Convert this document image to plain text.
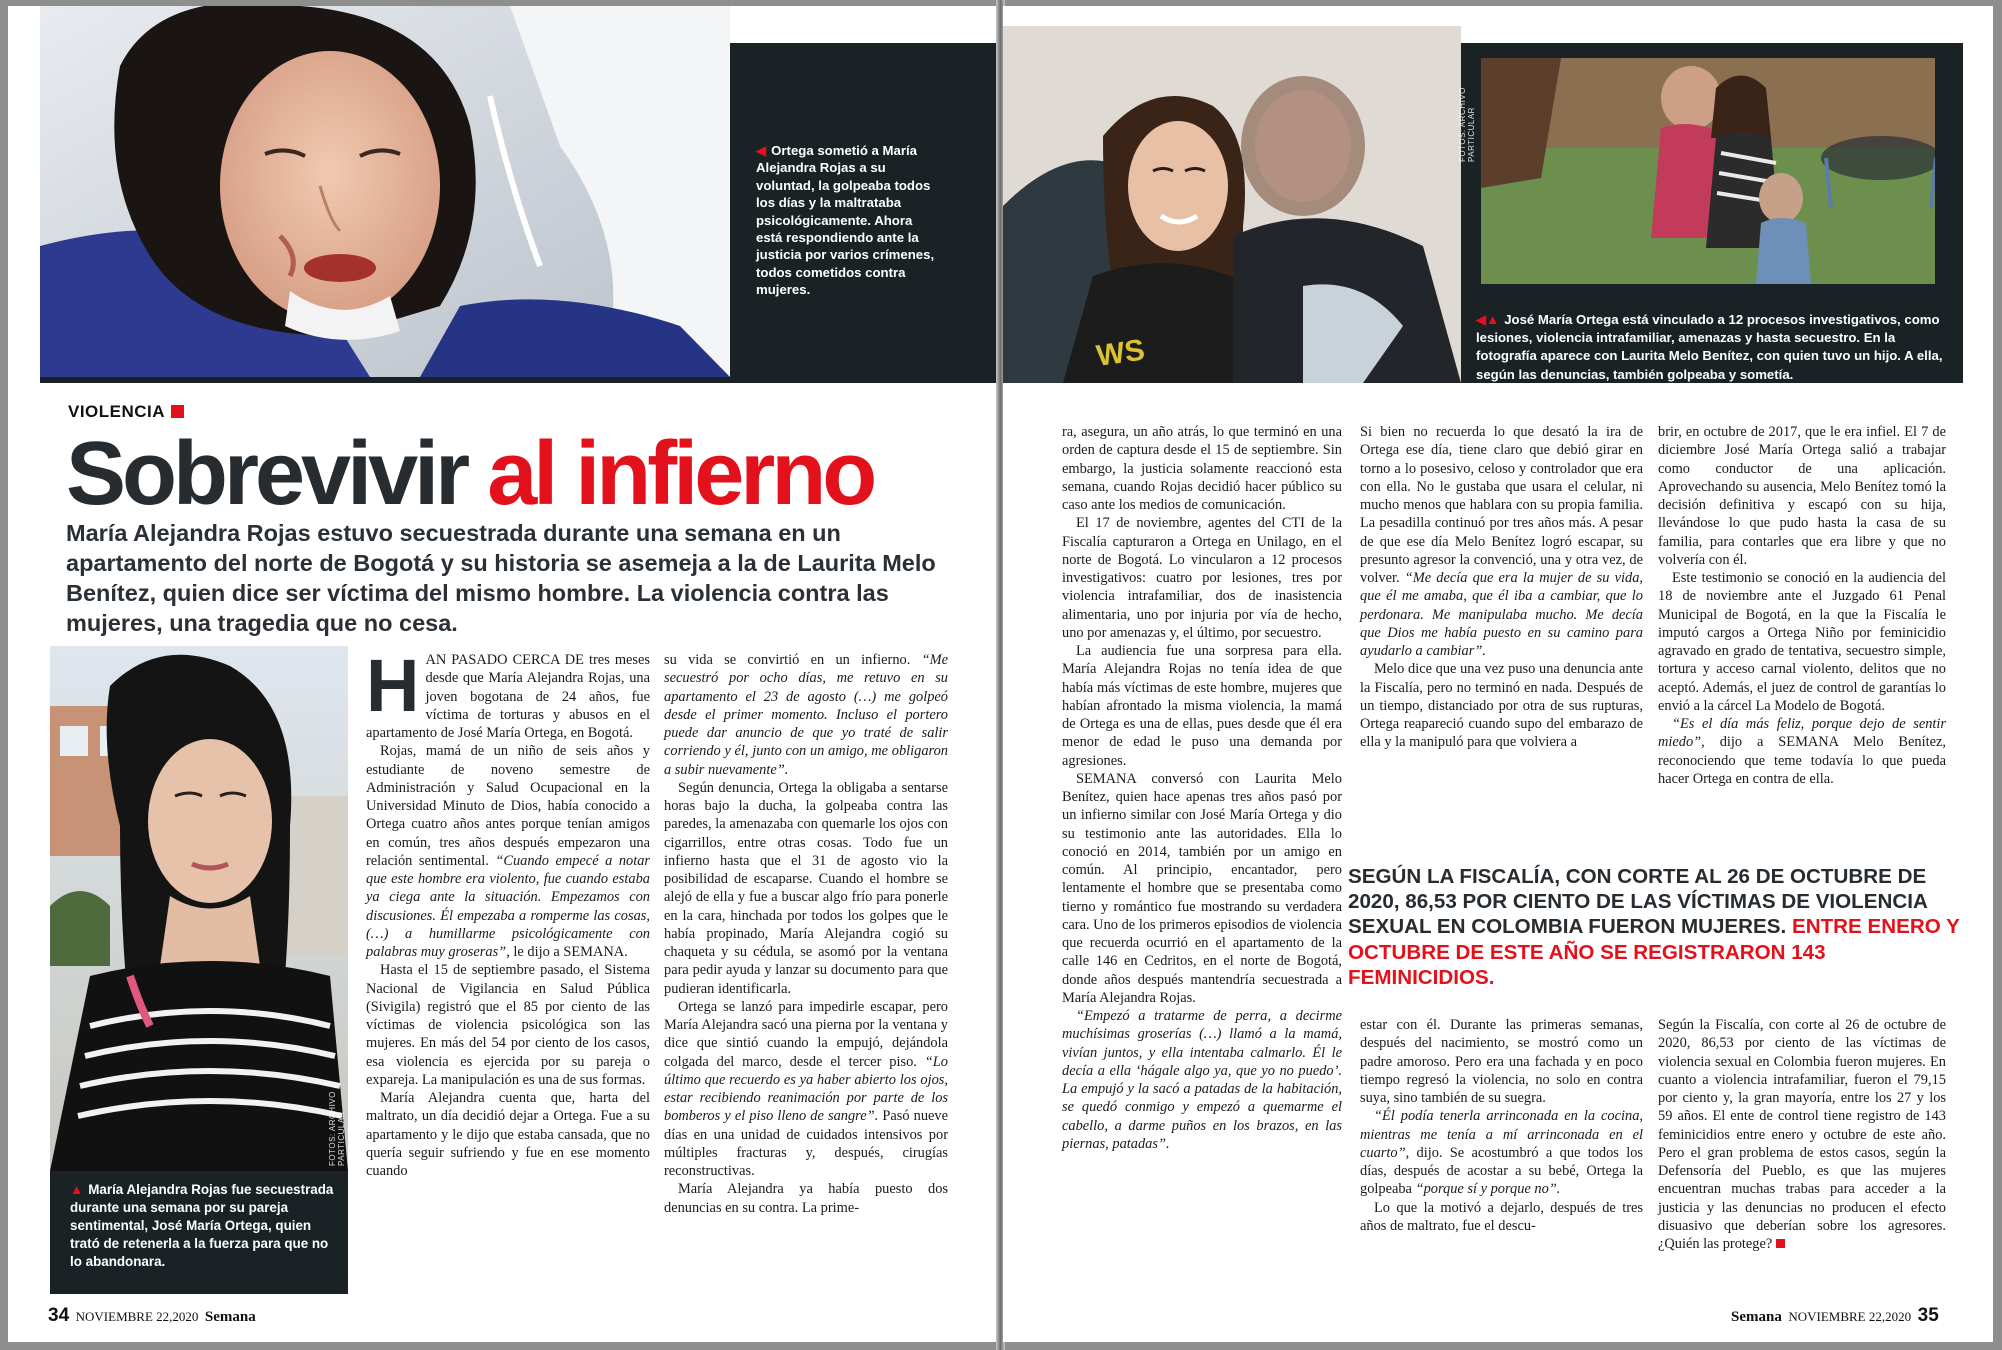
◀ Ortega sometió a María Alejandra Rojas a su voluntad, la golpeaba todos los días y la maltrataba psicológicamente. Ahora está respondiendo ante la justicia por varios crímenes, todos cometidos contra mujeres.
VIOLENCIA
Sobrevivir al infierno
María Alejandra Rojas estuvo secuestrada durante una semana en un apartamento del norte de Bogotá y su historia se asemeja a la de Laurita Melo Benítez, quien dice ser víctima del mismo hombre. La violencia contra las mujeres, una tragedia que no cesa.
FOTOS: ARCHIVO PARTICULAR
▲ María Alejandra Rojas fue secuestrada durante una semana por su pareja sentimental, José María Ortega, quien trató de retenerla a la fuerza para que no lo abandonara.

HAN PASADO CERCA DE tres meses desde que María Alejandra Rojas, una joven bogotana de 24 años, fue víctima de torturas y abusos en el apartamento de José María Ortega, en Bogotá.

Rojas, mamá de un niño de seis años y estudiante de noveno semestre de Administración y Salud Ocupacional en la Universidad Minuto de Dios, había conocido a Ortega cuatro años antes porque tenían amigos en común, tres años después empezaron una relación sentimental. “Cuando empecé a notar que este hombre era violento, fue cuando estaba ya ciega ante la situación. Empezamos con discusiones. Él empezaba a romperme las cosas, (…) a humillarme psicológicamente con palabras muy groseras”, le dijo a SEMANA.

Hasta el 15 de septiembre pasado, el Sistema Nacional de Vigilancia en Salud Pública (Sivigila) registró que el 85 por ciento de las víctimas de violencia psicológica son las mujeres. En más del 54 por ciento de los casos, esa violencia es ejercida por su pareja o expareja. La manipulación es una de sus formas.

María Alejandra cuenta que, harta del maltrato, un día decidió dejar a Ortega. Fue a su apartamento y le dijo que estaba cansada, que no quería seguir sufriendo y fue en ese momento cuando

su vida se convirtió en un infierno. “Me secuestró por ocho días, me retuvo en su apartamento el 23 de agosto (…) me golpeó desde el primer momento. Incluso el portero puede dar anuncio de que yo traté de salir corriendo y él, junto con un amigo, me obligaron a subir nuevamente”.

Según denuncia, Ortega la obligaba a sentarse horas bajo la ducha, la golpeaba contra las paredes, la amenazaba con quemarle los ojos con cigarrillos, entre otras cosas. Todo fue un infierno hasta que el 31 de agosto vio la posibilidad de escaparse. Cuando el hombre se alejó de ella y fue a buscar algo frío para ponerle en la cara, hinchada por todos los golpes que le había propinado, María Alejandra cogió su chaqueta y su cédula, se asomó por la ventana para pedir ayuda y lanzar su documento para que pudieran identificarla.

Ortega se lanzó para impedirle escapar, pero María Alejandra sacó una pierna por la ventana y dice que sintió cuando la empujó, dejándola colgada del marco, desde el tercer piso. “Lo último que recuerdo es ya haber abierto los ojos, estar recibiendo reanimación por parte de los bomberos y el piso lleno de sangre”. Pasó nueve días en una unidad de cuidados intensivos por múltiples fracturas y, después, cirugías reconstructivas.

María Alejandra ya había puesto dos denuncias en su contra. La prime-

34 NOVIEMBRE 22,2020 Semana
WS
FOTOS: ARCHIVO PARTICULAR
◀▲ José María Ortega está vinculado a 12 procesos investigativos, como lesiones, violencia intrafamiliar, amenazas y hasta secuestro. En la fotografía aparece con Laurita Melo Benítez, con quien tuvo un hijo. A ella, según las denuncias, también golpeaba y sometía.

ra, asegura, un año atrás, lo que terminó en una orden de captura desde el 15 de septiembre. Sin embargo, la justicia solamente reaccionó esta semana, cuando Rojas decidió hacer público su caso ante los medios de comunicación.

El 17 de noviembre, agentes del CTI de la Fiscalía capturaron a Ortega en Unilago, en el norte de Bogotá. Lo vincularon a 12 procesos investigativos: cuatro por lesiones, tres por violencia intrafamiliar, dos de inasistencia alimentaria, uno por injuria por vía de hecho, uno por amenazas y, el último, por secuestro.

La audiencia fue una sorpresa para ella. María Alejandra Rojas no tenía idea de que había más víctimas de este hombre, mujeres que habían afrontado la misma violencia, la mamá de Ortega es una de ellas, pues desde que él era menor de edad le puso una demanda por agresiones.

SEMANA conversó con Laurita Melo Benítez, quien hace apenas tres años pasó por un infierno similar con José María Ortega y dio su testimonio ante las autoridades. Ella lo conoció en 2014, también por un amigo en común. Al principio, encantador, pero lentamente el hombre que se presentaba como tierno y romántico fue mostrando su verdadera cara. Uno de los primeros episodios de violencia que recuerda ocurrió en el apartamento de la calle 146 en Cedritos, en el norte de Bogotá, donde años después mantendría secuestrada a María Alejandra Rojas.

“Empezó a tratarme de perra, a decirme muchísimas groserías (…) llamó a la mamá, vivían juntos, y ella intentaba calmarlo. Él le decía a ella ‘hágale algo ya, que yo no puedo’. La empujó y la sacó a patadas de la habitación, se quedó conmigo y empezó a quemarme el cabello, a darme puños en los brazos, en las piernas, patadas”.

Si bien no recuerda lo que desató la ira de Ortega ese día, tiene claro que debió girar en torno a lo posesivo, celoso y controlador que era con ella. No le gustaba que usara el celular, ni mucho menos que hablara con su propia familia. La pesadilla continuó por tres años más. A pesar de que ese día Melo Benítez logró escapar, su presunto agresor la convenció, una y otra vez, de volver. “Me decía que era la mujer de su vida, que él me amaba, que él iba a cambiar, que lo perdonara. Me manipulaba mucho. Me decía que Dios me había puesto en su camino para ayudarlo a cambiar”.

Melo dice que una vez puso una denuncia ante la Fiscalía, pero no terminó en nada. Después de un tiempo, distanciado por otra de sus rupturas, Ortega reapareció cuando supo del embarazo de ella y la manipuló para que volviera a

brir, en octubre de 2017, que le era infiel. El 7 de diciembre José María Ortega salió a trabajar como conductor de una aplicación. Aprovechando su ausencia, Melo Benítez tomó la decisión definitiva y escapó con su hija, llevándose lo que pudo hasta la casa de su familia, para contarles que era libre y que no volvería con él.

Este testimonio se conoció en la audiencia del 18 de noviembre ante el Juzgado 61 Penal Municipal de Bogotá, en la que la Fiscalía le imputó cargos a Ortega Niño por feminicidio agravado en grado de tentativa, secuestro simple, tortura y acceso carnal violento, delitos que no aceptó. Además, el juez de control de garantías lo envió a la cárcel La Modelo de Bogotá.

“Es el día más feliz, porque dejo de sentir miedo”, dijo a SEMANA Melo Benítez, reconociendo que teme todavía lo que pueda hacer Ortega en contra de ella.

SEGÚN LA FISCALÍA, CON CORTE AL 26 DE OCTUBRE DE 2020, 86,53 POR CIENTO DE LAS VÍCTIMAS DE VIOLENCIA SEXUAL EN COLOMBIA FUERON MUJERES. ENTRE ENERO Y OCTUBRE DE ESTE AÑO SE REGISTRARON 143 FEMINICIDIOS.

estar con él. Durante las primeras semanas, después del nacimiento, se mostró como un padre amoroso. Pero era una fachada y en poco tiempo regresó la violencia, no solo en contra suya, sino también de su suegra.

“Él podía tenerla arrinconada en la cocina, mientras me tenía a mí arrinconada en el cuarto”, dijo. Se acostumbró a que todos los días, después de acostar a su bebé, Ortega la golpeaba “porque sí y porque no”.

Lo que la motivó a dejarlo, después de tres años de maltrato, fue el descu-

Según la Fiscalía, con corte al 26 de octubre de 2020, 86,53 por ciento de las víctimas de violencia sexual en Colombia fueron mujeres. En cuanto a violencia intrafamiliar, fueron el 79,15 por ciento y, la gran mayoría, entre los 27 y los 59 años. El ente de control tiene registro de 143 feminicidios entre enero y octubre de este año. Pero el gran problema de estos casos, según la Defensoría del Pueblo, es que las mujeres encuentran muchas trabas para acceder a la justicia y las denuncias no producen el efecto disuasivo que deberían sobre los agresores. ¿Quién las protege?

Semana NOVIEMBRE 22,2020 35
